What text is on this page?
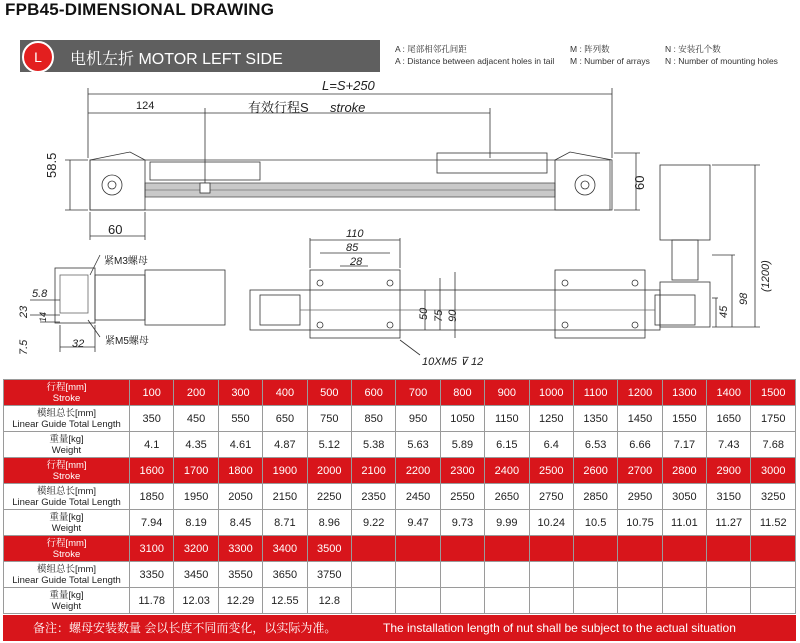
FPB45-DIMENSIONAL DRAWING
L	电机左折 MOTOR LEFT SIDE
A : 尾部相邻孔间距
A : Distance between adjacent holes in tail
M : 阵列数
M : Number of arrays
N : 安装孔个数
N : Number of mounting holes
L=S+250
124	有效行程S stroke
58.5
60
60	110
85
28
50 75 90	45
98
(1200)
紧M3螺母
紧M5螺母
5.8
23 14
32
7.5
10XM5 ⊽ 12
行程[mm]
Stroke	100	200	300	400	500	600	700	800	900	1000	1100	1200	1300	1400	1500

模组总长[mm]
Linear Guide Total Length	350	450	550	650	750	850	950	1050	1150	1250	1350	1450	1550	1650	1750

重量[kg]
Weight	4.1	4.35	4.61	4.87	5.12	5.38	5.63	5.89	6.15	6.4	6.53	6.66	7.17	7.43	7.68

行程[mm]
Stroke	1600	1700	1800	1900	2000	2100	2200	2300	2400	2500	2600	2700	2800	2900	3000

模组总长[mm]
Linear Guide Total Length	1850	1950	2050	2150	2250	2350	2450	2550	2650	2750	2850	2950	3050	3150	3250

重量[kg]
Weight	7.94	8.19	8.45	8.71	8.96	9.22	9.47	9.73	9.99	10.24	10.5	10.75	11.01	11.27	11.52

行程[mm]
Stroke	3100	3200	3300	3400	3500										

模组总长[mm]
Linear Guide Total Length	3350	3450	3550	3650	3750										

重量[kg]
Weight	11.78	12.03	12.29	12.55	12.8										
备注：螺母安装数量 会以长度不同而变化，以实际为准。	The installation length of nut shall be subject to the actual situation
